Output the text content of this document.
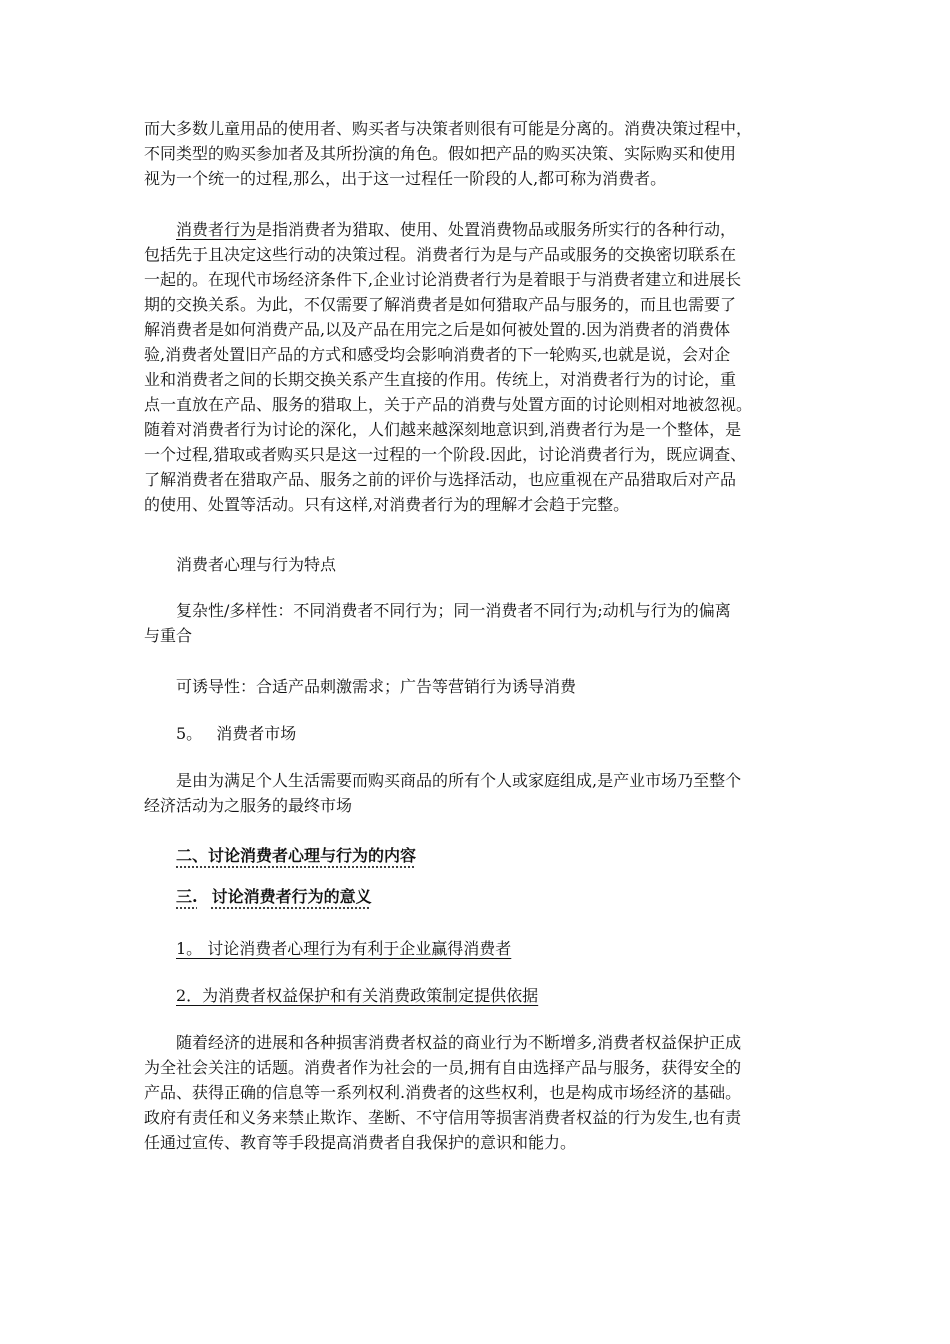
而大多数儿童用品的使用者、购买者与决策者则很有可能是分离的。消费决策过程中，
不同类型的购买参加者及其所扮演的角色。假如把产品的购买决策、实际购买和使用
视为一个统一的过程,那么，出于这一过程任一阶段的人,都可称为消费者。

消费者行为是指消费者为猎取、使用、处置消费物品或服务所实行的各种行动，
包括先于且决定这些行动的决策过程。消费者行为是与产品或服务的交换密切联系在
一起的。在现代市场经济条件下,企业讨论消费者行为是着眼于与消费者建立和进展长
期的交换关系。为此，不仅需要了解消费者是如何猎取产品与服务的，而且也需要了
解消费者是如何消费产品,以及产品在用完之后是如何被处置的.因为消费者的消费体
验,消费者处置旧产品的方式和感受均会影响消费者的下一轮购买,也就是说，会对企
业和消费者之间的长期交换关系产生直接的作用。传统上，对消费者行为的讨论，重
点一直放在产品、服务的猎取上，关于产品的消费与处置方面的讨论则相对地被忽视。
随着对消费者行为讨论的深化，人们越来越深刻地意识到,消费者行为是一个整体，是
一个过程,猎取或者购买只是这一过程的一个阶段.因此，讨论消费者行为，既应调查、
了解消费者在猎取产品、服务之前的评价与选择活动，也应重视在产品猎取后对产品
的使用、处置等活动。只有这样,对消费者行为的理解才会趋于完整。

消费者心理与行为特点

复杂性/多样性：不同消费者不同行为；同一消费者不同行为;动机与行为的偏离
与重合

可诱导性：合适产品刺激需求；广告等营销行为诱导消费

5。 消费者市场

是由为满足个人生活需要而购买商品的所有个人或家庭组成,是产业市场乃至整个
经济活动为之服务的最终市场

二、讨论消费者心理与行为的内容

三. 讨论消费者行为的意义

1。 讨论消费者心理行为有利于企业赢得消费者

2．为消费者权益保护和有关消费政策制定提供依据

随着经济的进展和各种损害消费者权益的商业行为不断增多,消费者权益保护正成
为全社会关注的话题。消费者作为社会的一员,拥有自由选择产品与服务，获得安全的
产品、获得正确的信息等一系列权利.消费者的这些权利，也是构成市场经济的基础。
政府有责任和义务来禁止欺诈、垄断、不守信用等损害消费者权益的行为发生,也有责
任通过宣传、教育等手段提高消费者自我保护的意识和能力。
